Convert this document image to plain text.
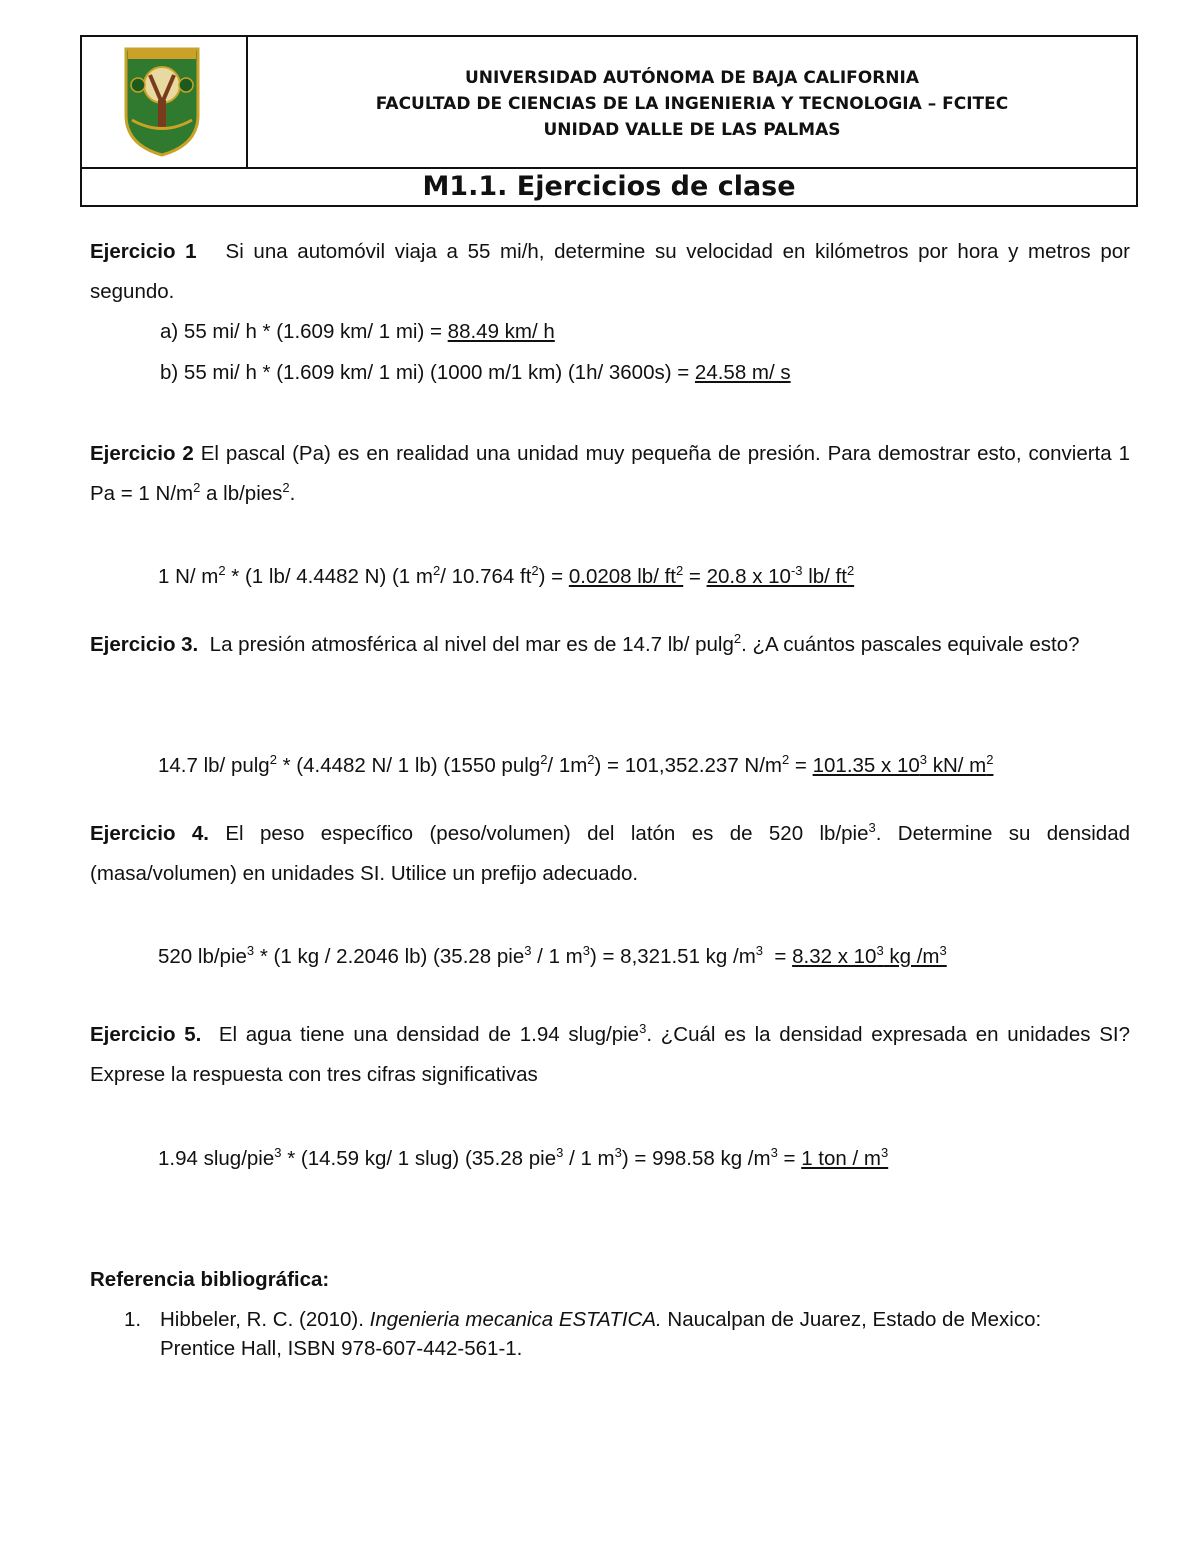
UNIVERSIDAD AUTÓNOMA DE BAJA CALIFORNIA
FACULTAD DE CIENCIAS DE LA INGENIERIA Y TECNOLOGIA – FCITEC
UNIDAD VALLE DE LAS PALMAS
M1.1. Ejercicios de clase

Ejercicio 1 Si una automóvil viaja a 55 mi/h, determine su velocidad en kilómetros por hora y metros por segundo.

a) 55 mi/ h * (1.609 km/ 1 mi) = 88.49 km/ h
b) 55 mi/ h * (1.609 km/ 1 mi) (1000 m/1 km) (1h/ 3600s) = 24.58 m/ s

Ejercicio 2 El pascal (Pa) es en realidad una unidad muy pequeña de presión. Para demostrar esto, convierta 1 Pa = 1 $N/m^2$ a lb/pies$^2$.

1 N/ $m^2 * (1$ lb/ 4.4482 N) (1 $m^2/$ 10.764 $ft^2) = 0.0208$ lb/ $ft^2 = 20.8$ x $10^{-3}$ lb/ $ft^2$

Ejercicio 3. La presión atmosférica al nivel del mar es de 14.7 lb/ pulg$^2$. ¿A cuántos pascales equivale esto?

14.7 lb/ pulg$^2$ * (4.4482 N/ 1 lb) (1550 pulg$^2$/ $1m^2) = 101,352.237$ $N/m^2 = 101.35$ x $10^3$ kN/ $m^2$

Ejercicio 4. El peso específico (peso/volumen) del latón es de 520 lb/pie$^3$. Determine su densidad (masa/volumen) en unidades SI. Utilice un prefijo adecuado.

520 lb/pie$^3$ * (1 kg / 2.2046 lb) (35.28 pie$^3$ / 1 $m^3) = 8,321.51$ kg $/m^3 = 8.32$ x $10^3$ kg $/m^3$

Ejercicio 5. El agua tiene una densidad de 1.94 slug/pie$^3$. ¿Cuál es la densidad expresada en unidades SI? Exprese la respuesta con tres cifras significativas

1.94 slug/pie$^3$ * (14.59 kg/ 1 slug) (35.28 pie$^3$ / 1 $m^3) = 998.58$ kg $/m^3 = 1$ ton / $m^3$
Referencia bibliográfica:
1. Hibbeler, R. C. (2010). Ingenieria mecanica ESTATICA. Naucalpan de Juarez, Estado de Mexico:
Prentice Hall, ISBN 978-607-442-561-1.
